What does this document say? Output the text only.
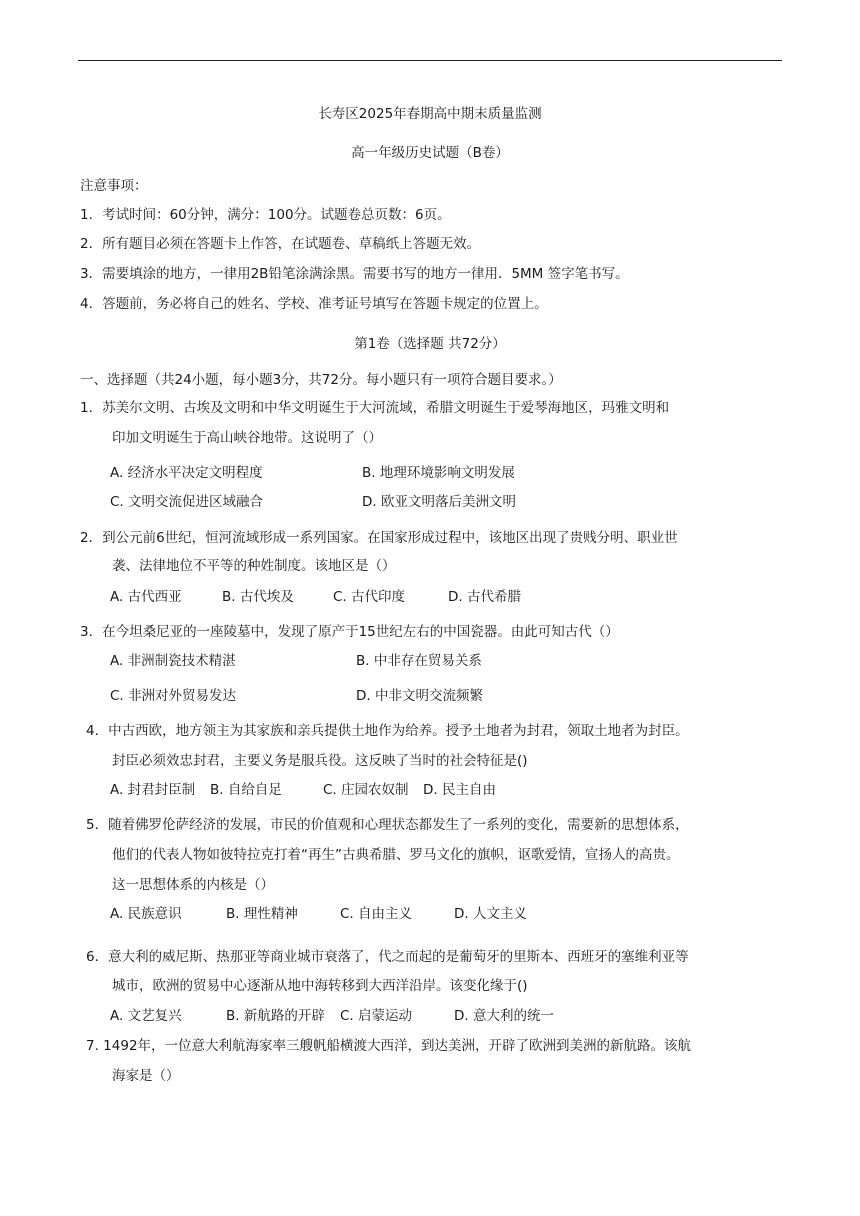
长寿区2025年春期高中期末质量监测
高一年级历史试题（B卷）
注意事项：
1．考试时间：60分钟，满分：100分。试题卷总页数：6页。
2．所有题目必须在答题卡上作答，在试题卷、草稿纸上答题无效。
3．需要填涂的地方，一律用2B铅笔涂满涂黑。需要书写的地方一律用．5MM 签字笔书写。
4．答题前，务必将自己的姓名、学校、准考证号填写在答题卡规定的位置上。
第1卷（选择题 共72分）
一、选择题（共24小题，每小题3分，共72分。每小题只有一项符合题目要求。）
1．苏美尔文明、古埃及文明和中华文明诞生于大河流域，希腊文明诞生于爱琴海地区，玛雅文明和
印加文明诞生于高山峡谷地带。这说明了（）
A. 经济水平决定文明程度	B. 地理环境影响文明发展
C. 文明交流促进区域融合	D. 欧亚文明落后美洲文明
2．到公元前6世纪，恒河流域形成一系列国家。在国家形成过程中，该地区出现了贵贱分明、职业世
袭、法律地位不平等的种姓制度。该地区是（）
A. 古代西亚	B. 古代埃及	C. 古代印度	D. 古代希腊
3．在今坦桑尼亚的一座陵墓中，发现了原产于15世纪左右的中国瓷器。由此可知古代（）
A. 非洲制瓷技术精湛	B. 中非存在贸易关系
C. 非洲对外贸易发达	D. 中非文明交流频繁
4．中古西欧，地方领主为其家族和亲兵提供土地作为给养。授予土地者为封君，领取土地者为封臣。
封臣必须效忠封君，主要义务是服兵役。这反映了当时的社会特征是()
A. 封君封臣制 B. 自给自足	C. 庄园农奴制 D. 民主自由
5．随着佛罗伦萨经济的发展，市民的价值观和心理状态都发生了一系列的变化，需要新的思想体系，
他们的代表人物如彼特拉克打着“再生”古典希腊、罗马文化的旗帜，讴歌爱情，宣扬人的高贵。
这一思想体系的内核是（）
A. 民族意识	B. 理性精神	C. 自由主义	D. 人文主义
6．意大利的威尼斯、热那亚等商业城市衰落了，代之而起的是葡萄牙的里斯本、西班牙的塞维利亚等
城市，欧洲的贸易中心逐渐从地中海转移到大西洋沿岸。该变化缘于()
A. 文艺复兴	B. 新航路的开辟 C. 启蒙运动	D. 意大利的统一
7. 1492年，一位意大利航海家率三艘帆船横渡大西洋，到达美洲，开辟了欧洲到美洲的新航路。该航
海家是（）
